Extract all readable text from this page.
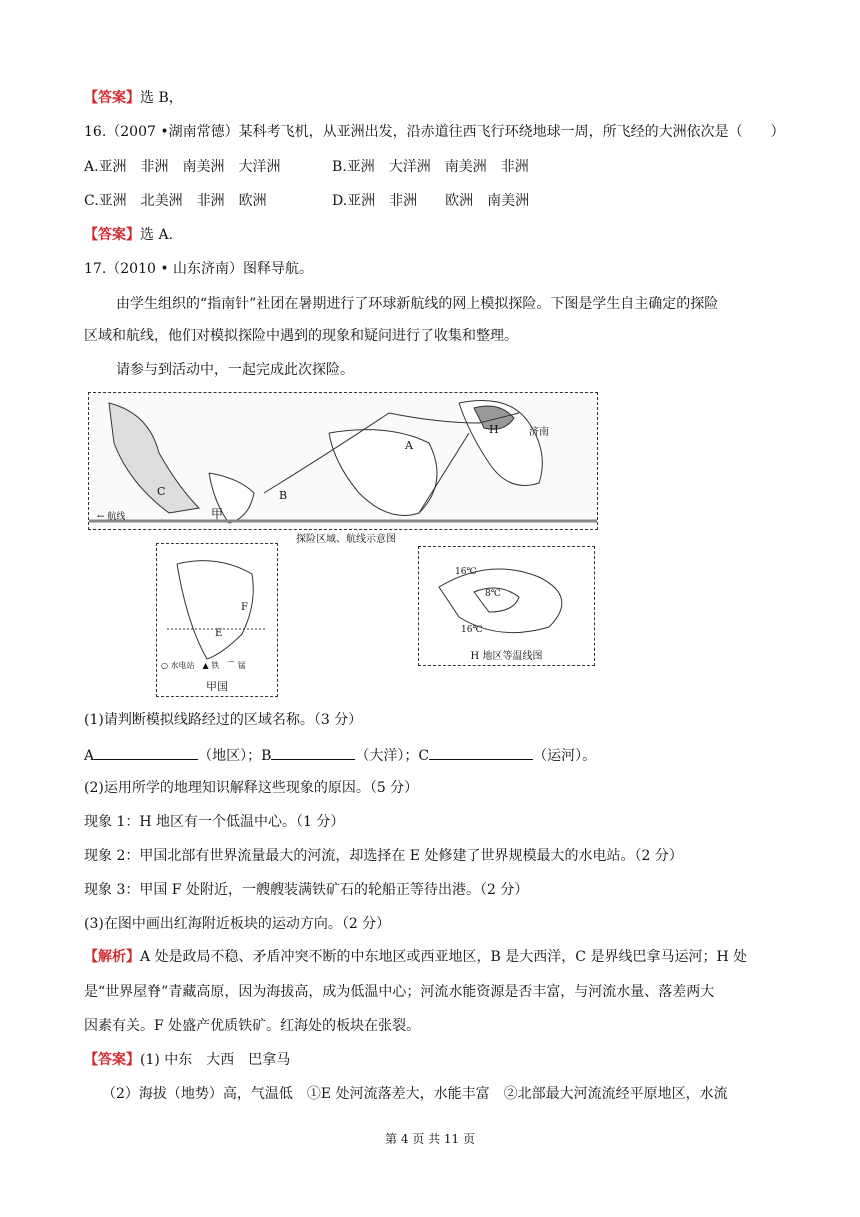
【答案】选 B，
16.（2007 •湖南常德）某科考飞机，从亚洲出发，沿赤道往西飞行环绕地球一周，所飞经的大洲依次是（　　）
A.亚洲　非洲　南美洲　大洋洲	B.亚洲　大洋洲　南美洲　非洲
C.亚洲　北美洲　非洲　欧洲	D.亚洲　非洲　　欧洲　南美洲
【答案】选 A.
17.（2010 • 山东济南）图释导航。
由学生组织的“指南针”社团在暑期进行了环球新航线的网上模拟探险。下图是学生自主确定的探险
区域和航线，他们对模拟探险中遇到的现象和疑问进行了收集和整理。
请参与到活动中，一起完成此次探险。
A
B
C
H	济南
甲
← 航线
探险区域、航线示意图
E
F
○ 水电站　▲ 铁　⌒ 锰
甲国
16℃
8℃
16℃
H 地区等温线图
(1)请判断模拟线路经过的区域名称。（3 分）
A	（地区）；B	（大洋）；C	（运河）。
(2)运用所学的地理知识解释这些现象的原因。（5 分）
现象 1：H 地区有一个低温中心。（1 分）
现象 2：甲国北部有世界流量最大的河流，却选择在 E 处修建了世界规模最大的水电站。（2 分）
现象 3：甲国 F 处附近，一艘艘装满铁矿石的轮船正等待出港。（2 分）
(3)在图中画出红海附近板块的运动方向。（2 分）
【解析】A 处是政局不稳、矛盾冲突不断的中东地区或西亚地区，B 是大西洋，C 是界线巴拿马运河；H 处
是“世界屋脊”青藏高原，因为海拔高，成为低温中心；河流水能资源是否丰富，与河流水量、落差两大
因素有关。F 处盛产优质铁矿。红海处的板块在张裂。
【答案】(1) 中东　大西　巴拿马
（2）海拔（地势）高，气温低　①E 处河流落差大，水能丰富　②北部最大河流流经平原地区，水流
第 4 页 共 11 页
